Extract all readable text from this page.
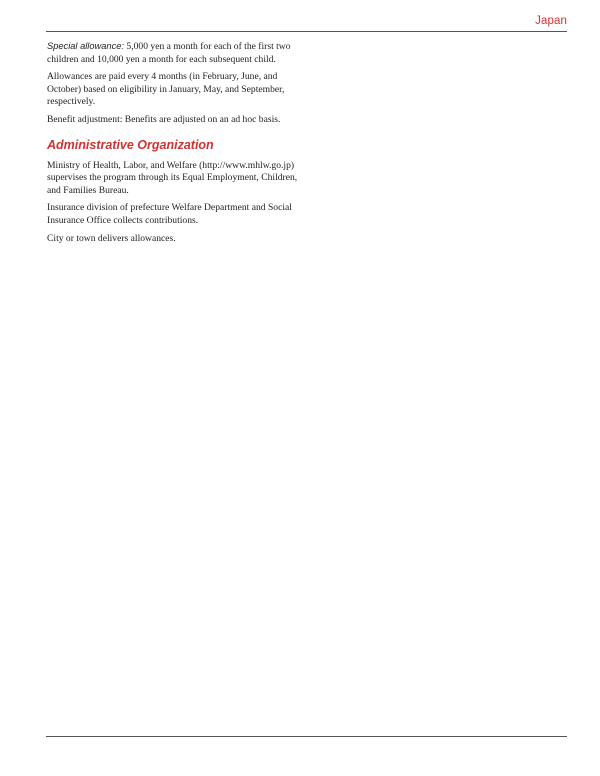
Japan

Special allowance: 5,000 yen a month for each of the first two children and 10,000 yen a month for each subsequent child.

Allowances are paid every 4 months (in February, June, and October) based on eligibility in January, May, and September, respectively.

Benefit adjustment: Benefits are adjusted on an ad hoc basis.

Administrative Organization

Ministry of Health, Labor, and Welfare (http://www.mhlw.go.jp) supervises the program through its Equal Employment, Children, and Families Bureau.

Insurance division of prefecture Welfare Department and Social Insurance Office collects contributions.

City or town delivers allowances.
